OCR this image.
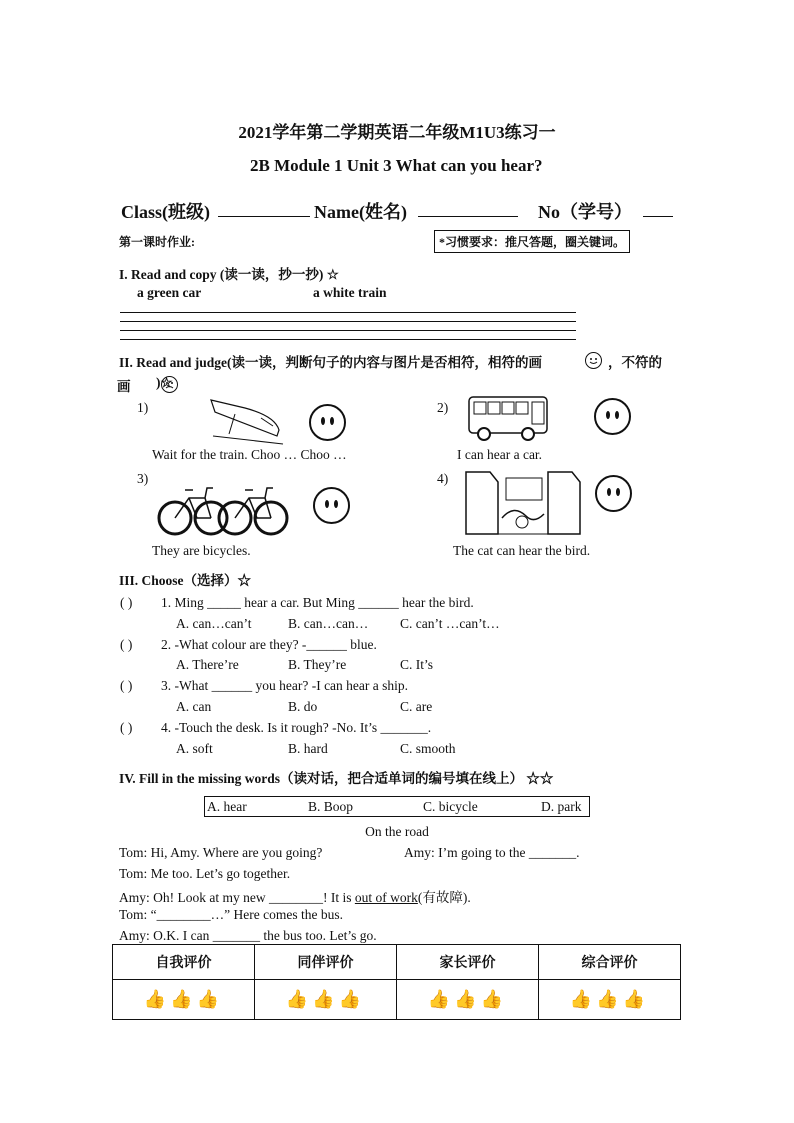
2021学年第二学期英语二年级M1U3练习一
2B Module 1 Unit 3 What can you hear?
Class(班级)	Name(姓名)	No（学号）
第一课时作业:	*习惯要求：推尺答题，圈关键词。
I. Read and copy (读一读，抄一抄) ☆
a green car	a white train
II. Read and judge(读一读，判断句子的内容与图片是否相符，相符的画
	，不符的
画 )☆
1)
Wait for the train. Choo … Choo …
2)
I can hear a car.
3)
They are bicycles.
4)
The cat can hear the bird.
III. Choose（选择）☆
( ) 1. Ming _____ hear a car. But Ming ______ hear the bird.
A. can…can’t	B. can…can… C. can’t …can’t…
( ) 2. -What colour are they? -______ blue.
A. There’re	B. They’re	C. It’s
( ) 3. -What ______ you hear? -I can hear a ship.
A. can	B. do	C. are
( ) 4. -Touch the desk. Is it rough? -No. It’s _______.
A. soft	B. hard	C. smooth
IV. Fill in the missing words（读对话，把合适单词的编号填在线上） ☆☆
A. hear	B. Boop	C. bicycle	D. park
On the road
Tom: Hi, Amy. Where are you going?	Amy: I’m going to the _______.
Tom: Me too. Let’s go together.
Amy: Oh! Look at my new ________! It is out of work(有故障).
Tom: “________…” Here comes the bus.
Amy: O.K. I can _______ the bus too. Let’s go.
自我评价	同伴评价	家长评价	综合评价
👍👍👍	👍👍👍	👍👍👍	👍👍👍
